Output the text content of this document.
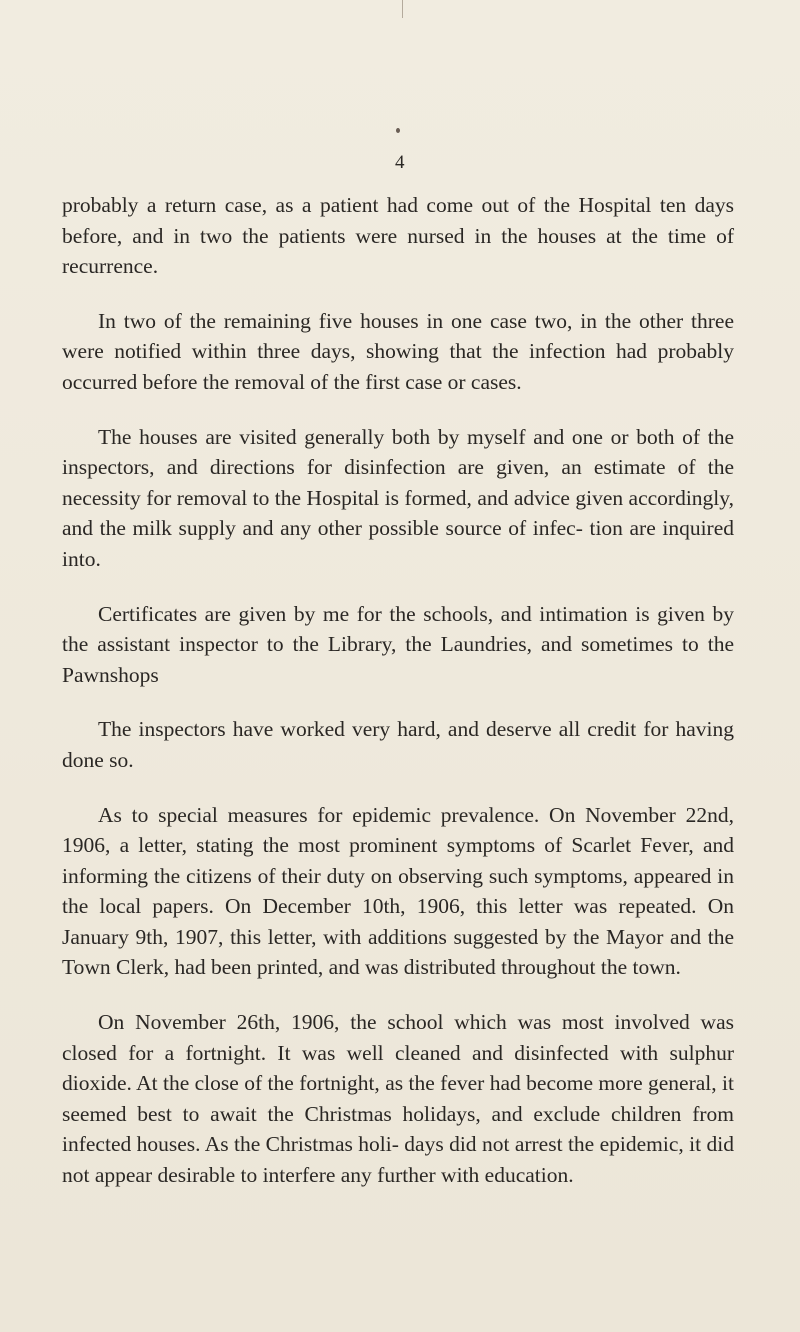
4

probably a return case, as a patient had come out of the Hospital ten days before, and in two the patients were nursed in the houses at the time of recurrence.

In two of the remaining five houses in one case two, in the other three were notified within three days, showing that the infection had probably occurred before the removal of the first case or cases.

The houses are visited generally both by myself and one or both of the inspectors, and directions for disinfection are given, an estimate of the necessity for removal to the Hospital is formed, and advice given accordingly, and the milk supply and any other possible source of infec- tion are inquired into.

Certificates are given by me for the schools, and intimation is given by the assistant inspector to the Library, the Laundries, and sometimes to the Pawnshops

The inspectors have worked very hard, and deserve all credit for having done so.

As to special measures for epidemic prevalence. On November 22nd, 1906, a letter, stating the most prominent symptoms of Scarlet Fever, and informing the citizens of their duty on observing such symptoms, appeared in the local papers. On December 10th, 1906, this letter was repeated. On January 9th, 1907, this letter, with additions suggested by the Mayor and the Town Clerk, had been printed, and was distributed throughout the town.

On November 26th, 1906, the school which was most involved was closed for a fortnight. It was well cleaned and disinfected with sulphur dioxide. At the close of the fortnight, as the fever had become more general, it seemed best to await the Christmas holidays, and exclude children from infected houses. As the Christmas holi- days did not arrest the epidemic, it did not appear desirable to interfere any further with education.
